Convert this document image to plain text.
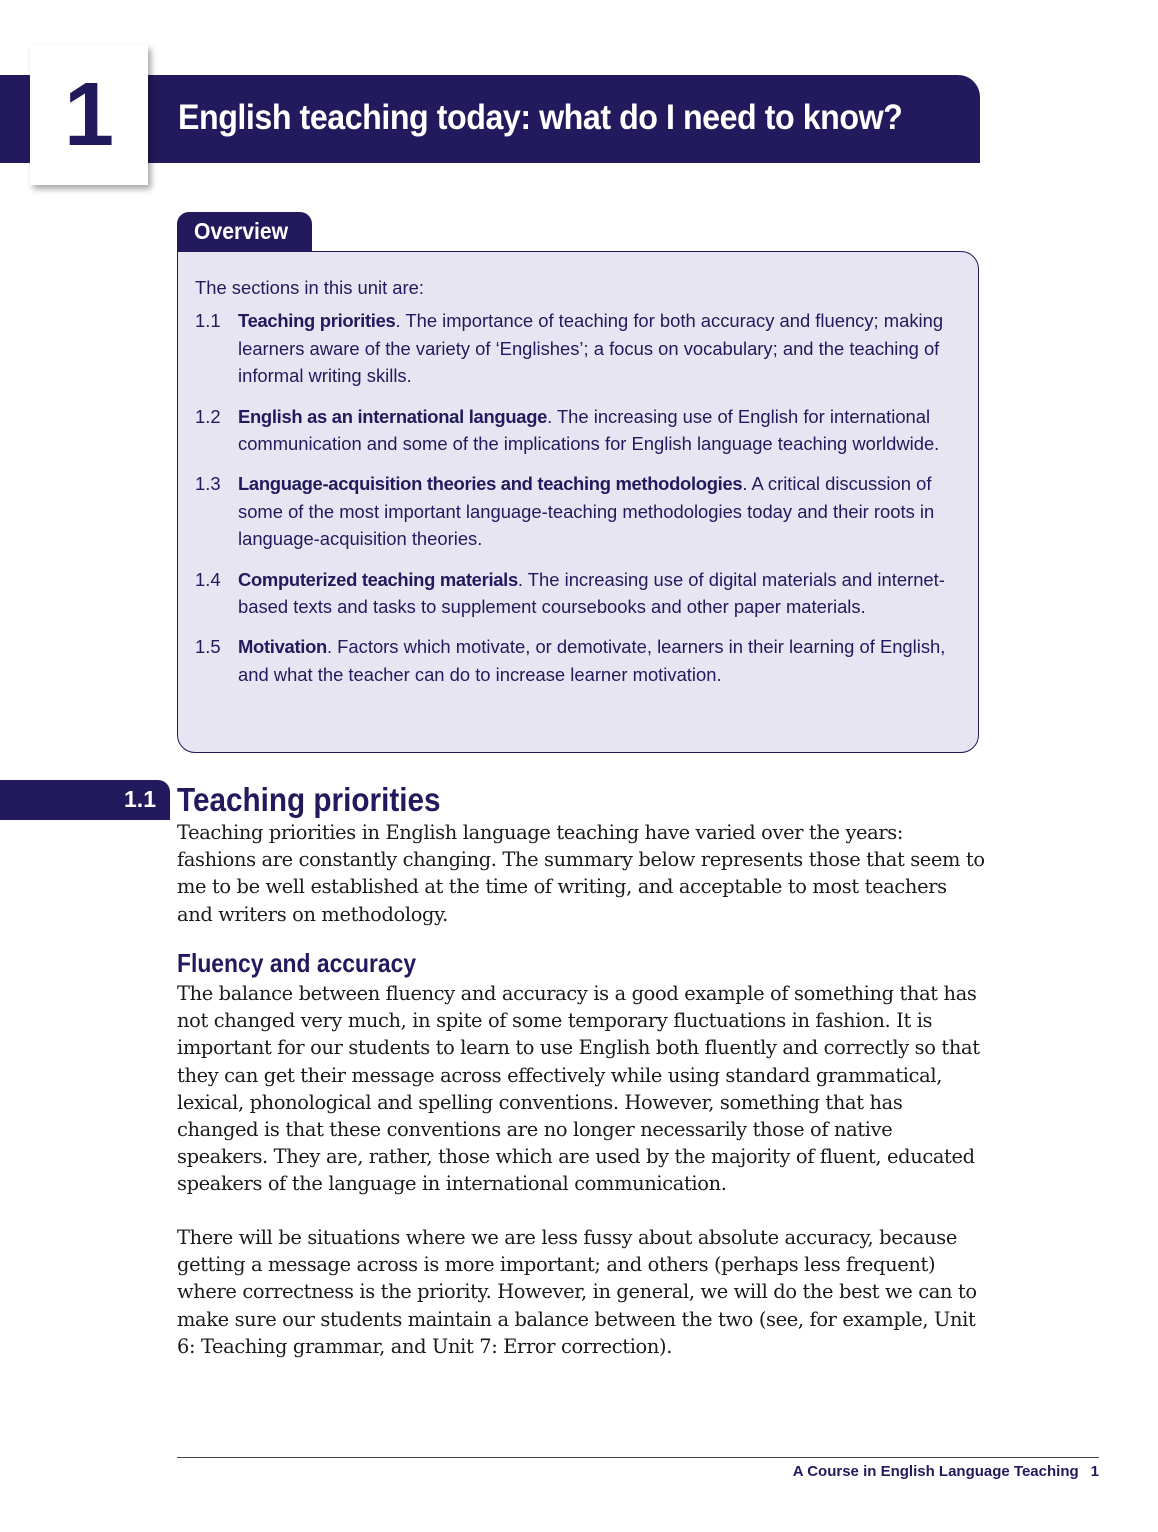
1 English teaching today: what do I need to know?
Overview

The sections in this unit are:

1.1 Teaching priorities. The importance of teaching for both accuracy and fluency; making learners aware of the variety of ‘Englishes’; a focus on vocabulary; and the teaching of informal writing skills.
1.2 English as an international language. The increasing use of English for international communication and some of the implications for English language teaching worldwide.
1.3 Language-acquisition theories and teaching methodologies. A critical discussion of some of the most important language-teaching methodologies today and their roots in language-acquisition theories.
1.4 Computerized teaching materials. The increasing use of digital materials and internet-based texts and tasks to supplement coursebooks and other paper materials.
1.5 Motivation. Factors which motivate, or demotivate, learners in their learning of English, and what the teacher can do to increase learner motivation.
1.1 Teaching priorities

Teaching priorities in English language teaching have varied over the years: fashions are constantly changing. The summary below represents those that seem to me to be well established at the time of writing, and acceptable to most teachers and writers on methodology.

Fluency and accuracy

The balance between fluency and accuracy is a good example of something that has not changed very much, in spite of some temporary fluctuations in fashion. It is important for our students to learn to use English both fluently and correctly so that they can get their message across effectively while using standard grammatical, lexical, phonological and spelling conventions. However, something that has changed is that these conventions are no longer necessarily those of native speakers. They are, rather, those which are used by the majority of fluent, educated speakers of the language in international communication.

There will be situations where we are less fussy about absolute accuracy, because getting a message across is more important; and others (perhaps less frequent) where correctness is the priority. However, in general, we will do the best we can to make sure our students maintain a balance between the two (see, for example, Unit 6: Teaching grammar, and Unit 7: Error correction).

A Course in English Language Teaching 1
